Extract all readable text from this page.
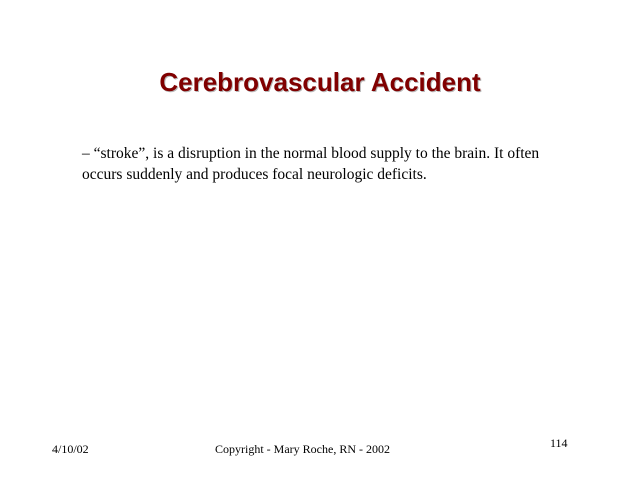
Cerebrovascular Accident
– “stroke”, is a disruption in the normal blood supply to the brain. It often occurs suddenly and produces focal neurologic deficits.
4/10/02	Copyright - Mary Roche, RN - 2002	114
